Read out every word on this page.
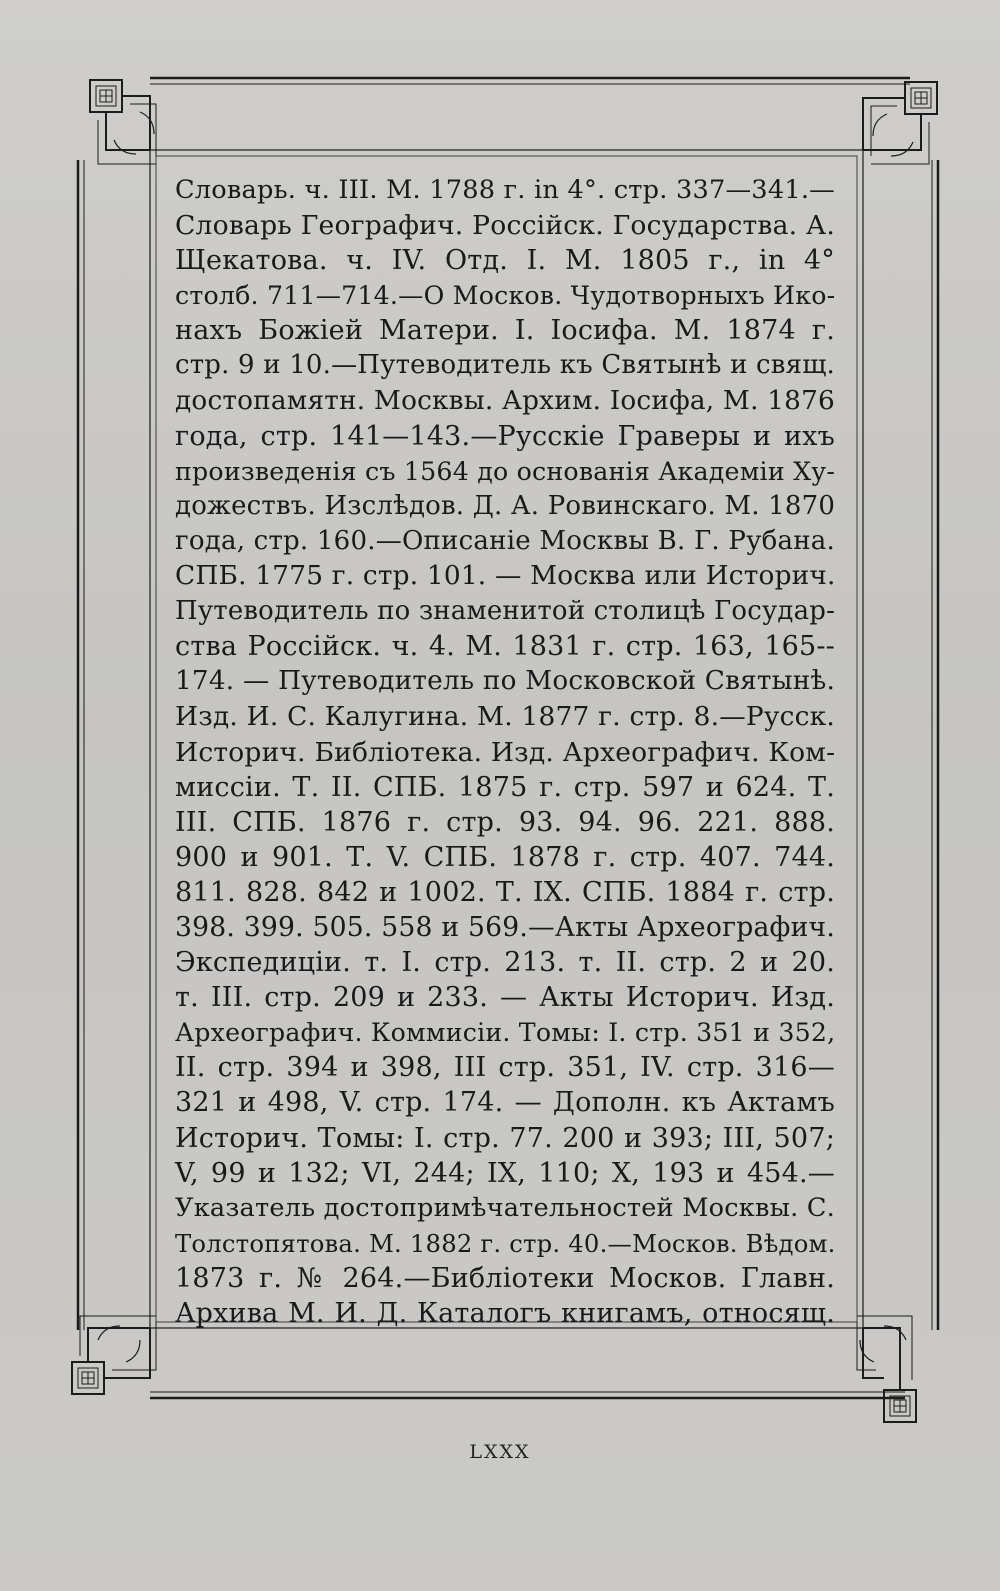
Словарь. ч. III. М. 1788 г. in 4°. стр. 337—341.—
Словарь Географич. Россійск. Государства. А.
Щекатова. ч. IV. Отд. I. М. 1805 г., in 4°
столб. 711—714.—О Москов. Чудотворныхъ Ико-
нахъ Божіей Матери. I. Іосифа. М. 1874 г.
стр. 9 и 10.—Путеводитель къ Святынѣ и свящ.
достопамятн. Москвы. Архим. Іосифа, М. 1876
года, стр. 141—143.—Русскіе Граверы и ихъ
произведенія съ 1564 до основанія Академіи Ху-
дожествъ. Изслѣдов. Д. А. Ровинскаго. М. 1870
года, стр. 160.—Описаніе Москвы В. Г. Рубана.
СПБ. 1775 г. стр. 101. — Москва или Историч.
Путеводитель по знаменитой столицѣ Государ-
ства Россійск. ч. 4. М. 1831 г. стр. 163, 165--
174. — Путеводитель по Московской Святынѣ.
Изд. И. С. Калугина. М. 1877 г. стр. 8.—Русск.
Историч. Библіотека. Изд. Археографич. Ком-
миссіи. Т. II. СПБ. 1875 г. стр. 597 и 624. Т.
III. СПБ. 1876 г. стр. 93. 94. 96. 221. 888.
900 и 901. Т. V. СПБ. 1878 г. стр. 407. 744.
811. 828. 842 и 1002. Т. IX. СПБ. 1884 г. стр.
398. 399. 505. 558 и 569.—Акты Археографич.
Экспедиціи. т. I. стр. 213. т. II. стр. 2 и 20.
т. III. стр. 209 и 233. — Акты Историч. Изд.
Археографич. Коммисіи. Томы: I. стр. 351 и 352,
II. стр. 394 и 398, III стр. 351, IV. стр. 316—
321 и 498, V. стр. 174. — Дополн. къ Актамъ
Историч. Томы: I. стр. 77. 200 и 393; III, 507;
V, 99 и 132; VI, 244; IX, 110; X, 193 и 454.—
Указатель достопримѣчательностей Москвы. С.
Толстопятова. М. 1882 г. стр. 40.—Москов. Вѣдом.
1873 г. № 264.—Библіотеки Москов. Главн.
Архива М. И. Д. Каталогъ книгамъ, относящ.
LXXX
